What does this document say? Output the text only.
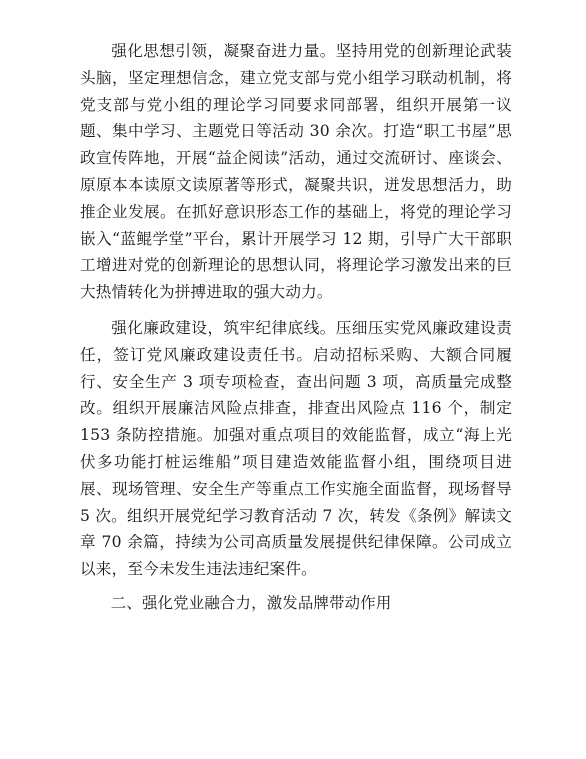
强化思想引领，凝聚奋进力量。坚持用党的创新理论武装头脑，坚定理想信念，建立党支部与党小组学习联动机制，将党支部与党小组的理论学习同要求同部署，组织开展第一议题、集中学习、主题党日等活动 30 余次。打造“职工书屋”思政宣传阵地，开展“益企阅读”活动，通过交流研讨、座谈会、原原本本读原文读原著等形式，凝聚共识，迸发思想活力，助推企业发展。在抓好意识形态工作的基础上，将党的理论学习嵌入“蓝鲲学堂”平台，累计开展学习 12 期，引导广大干部职工增进对党的创新理论的思想认同，将理论学习激发出来的巨大热情转化为拼搏进取的强大动力。

强化廉政建设，筑牢纪律底线。压细压实党风廉政建设责任，签订党风廉政建设责任书。启动招标采购、大额合同履行、安全生产 3 项专项检查，查出问题 3 项，高质量完成整改。组织开展廉洁风险点排查，排查出风险点 116 个，制定 153 条防控措施。加强对重点项目的效能监督，成立“海上光伏多功能打桩运维船”项目建造效能监督小组，围绕项目进展、现场管理、安全生产等重点工作实施全面监督，现场督导 5 次。组织开展党纪学习教育活动 7 次，转发《条例》解读文章 70 余篇，持续为公司高质量发展提供纪律保障。公司成立以来，至今未发生违法违纪案件。

二、强化党业融合力，激发品牌带动作用
